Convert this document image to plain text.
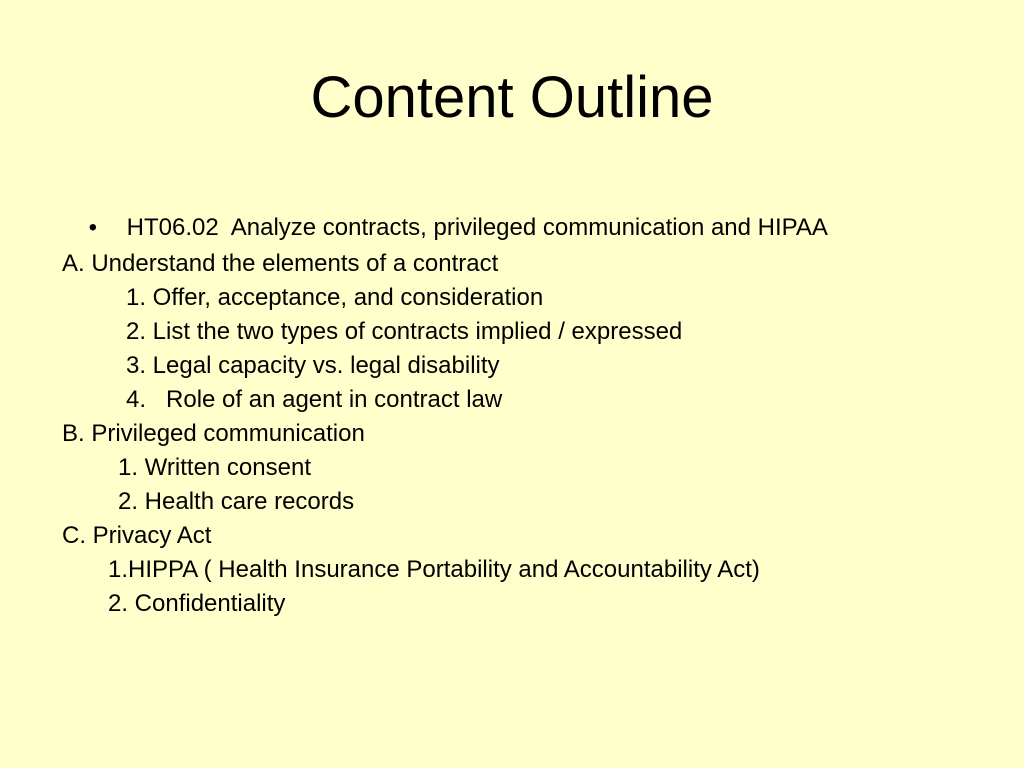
Content Outline

• HT06.02  Analyze contracts, privileged communication and HIPAA

A. Understand the elements of a contract
1. Offer, acceptance, and consideration
2. List the two types of contracts implied / expressed
3. Legal capacity vs. legal disability
4.   Role of an agent in contract law
B. Privileged communication
1. Written consent
2. Health care records
C. Privacy Act
1.HIPPA ( Health Insurance Portability and Accountability Act)
2. Confidentiality
